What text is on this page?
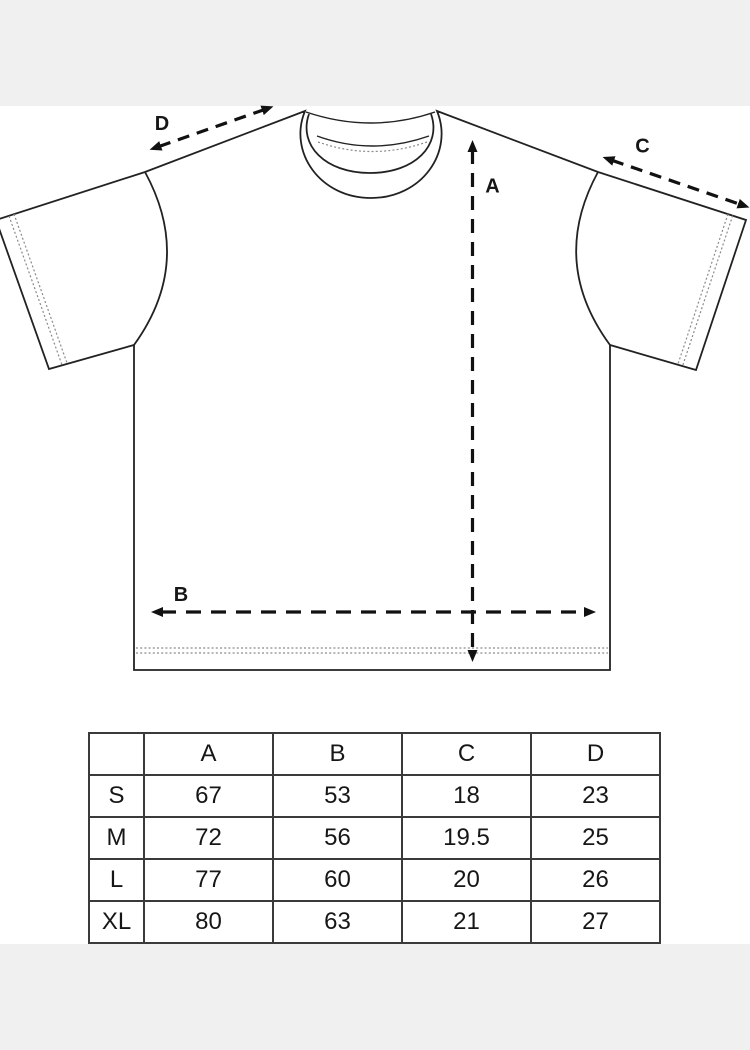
A
B
C
D
	A	B	C	D
S	67	53	18	23
M	72	56	19.5	25
L	77	60	20	26
XL	80	63	21	27
